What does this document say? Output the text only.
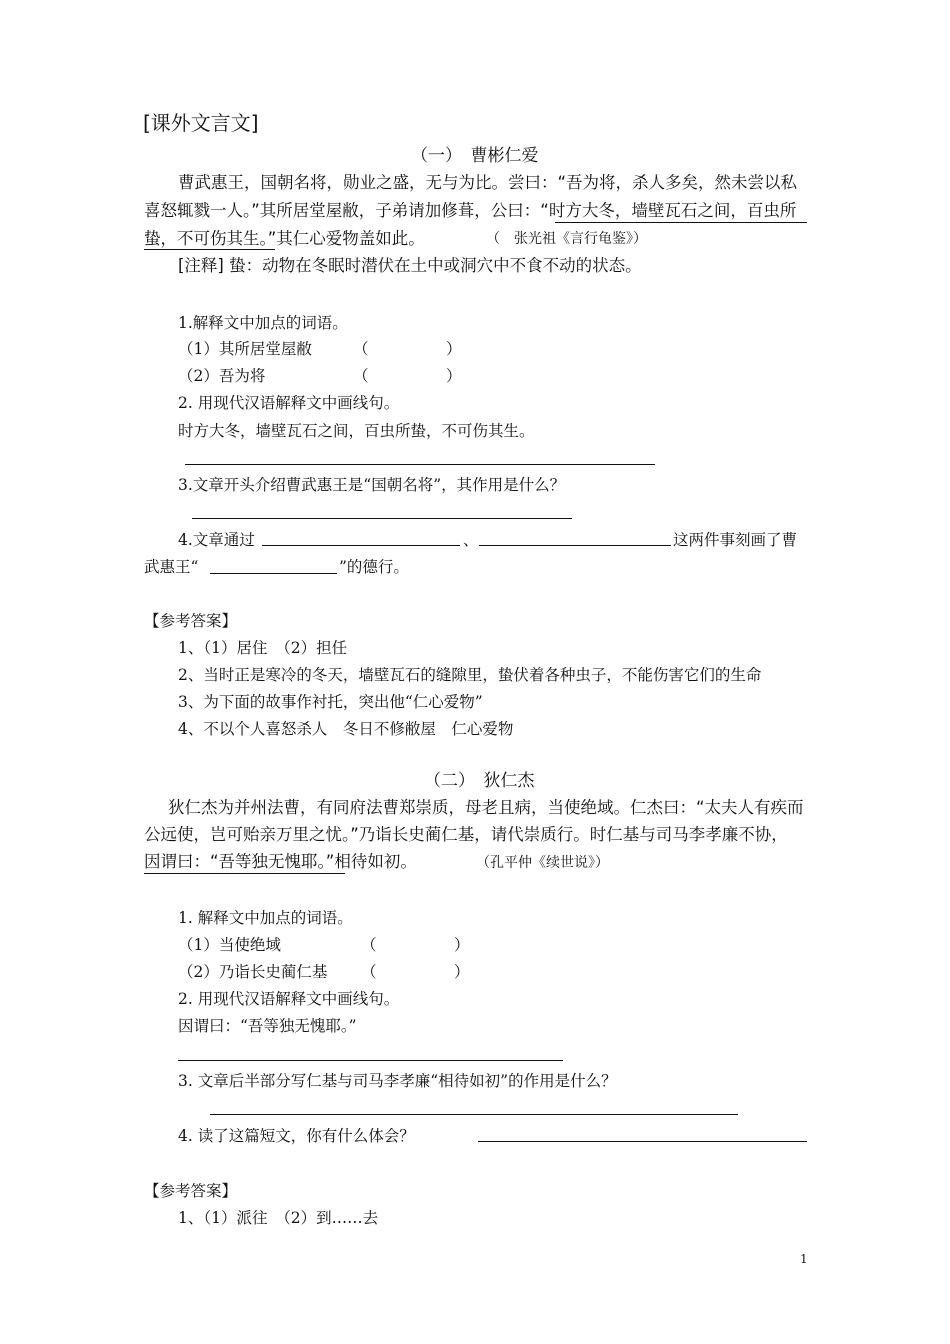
[课外文言文]
（一）　曹彬仁爱
曹武惠王，国朝名将，勋业之盛，无与为比。尝曰：“吾为将，杀人多矣，然未尝以私
喜怒辄戮一人。”其所居堂屋敝，子弟请加修葺，公曰：“时方大冬，墙壁瓦石之间，百虫所
蛰，不可伤其生。”其仁心爱物盖如此。	（　张光祖《言行龟鉴》）
[注释] 蛰：动物在冬眠时潜伏在土中或洞穴中不食不动的状态。
1.解释文中加点的词语。
（1）其所居堂屋敝	（　　　　　）
（2）吾为将	（　　　　　）
2. 用现代汉语解释文中画线句。
时方大冬，墙壁瓦石之间，百虫所蛰，不可伤其生。
3.文章开头介绍曹武惠王是“国朝名将”，其作用是什么？
4.文章通过	、	这两件事刻画了曹
武惠王“	”的德行。
【参考答案】
1、（1）居住　（2）担任
2、当时正是寒冷的冬天，墙壁瓦石的缝隙里，蛰伏着各种虫子，不能伤害它们的生命
3、为下面的故事作衬托，突出他“仁心爱物”
4、不以个人喜怒杀人　冬日不修敝屋　仁心爱物
（二）　狄仁杰
狄仁杰为并州法曹，有同府法曹郑崇质，母老且病，当使绝域。仁杰曰：“太夫人有疾而
公远使，岂可贻亲万里之忧。”乃诣长史蔺仁基，请代崇质行。时仁基与司马李孝廉不协，
因谓曰：“吾等独无愧耶。”相待如初。	（孔平仲《续世说》）
1. 解释文中加点的词语。
（1）当使绝域	（　　　　　）
（2）乃诣长史蔺仁基 （　　　　　）
2. 用现代汉语解释文中画线句。
因谓曰：“吾等独无愧耶。”
3. 文章后半部分写仁基与司马李孝廉“相待如初”的作用是什么？
4. 读了这篇短文，你有什么体会？
【参考答案】
1、（1）派往　（2）到……去
1
